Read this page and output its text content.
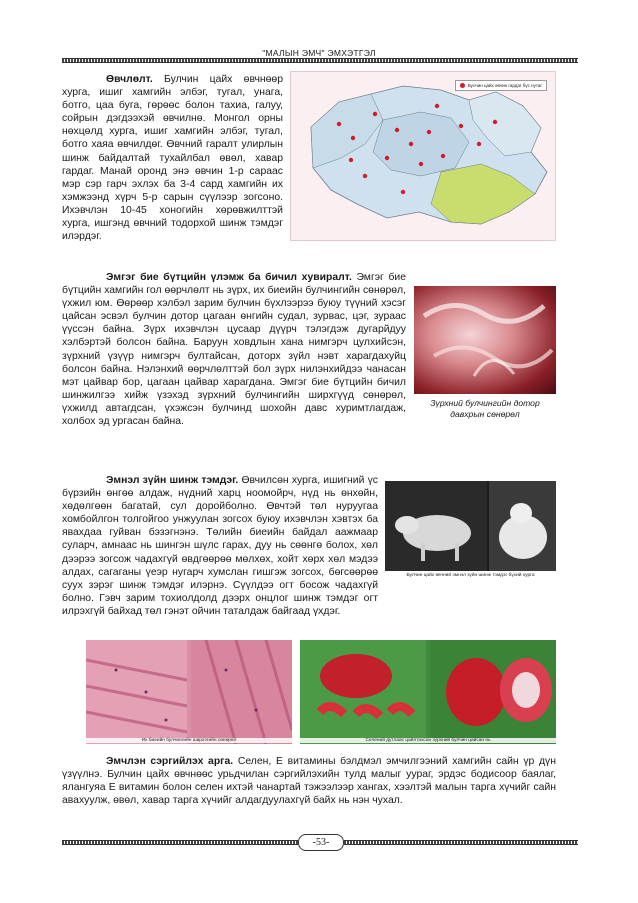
"МАЛЫН ЭМЧ" ЭМХЭТГЭЛ

Өвчлөлт. Булчин цайх өвчнөөр хурга, ишиг хамгийн элбэг, тугал, унага, ботго, цаа буга, гөрөөс болон тахиа, галуу, сойрын дэгдээхэй өвчилнө. Монгол орны нөхцөлд хурга, ишиг хамгийн элбэг, тугал, ботго хаяа өвчилдөг. Өвчний гаралт улирлын шинж байдалтай тухайлбал өвөл, хавар гардаг. Манай оронд энэ өвчин 1-р сараас мэр сэр гарч эхлэх ба 3-4 сард хамгийн их хэмжээнд хүрч 5-р сарын сүүлээр зогсоно. Ихэвчлэн 10-45 хоногийн хөрөвжилттэй хурга, ишгэнд өвчний тодорхой шинж тэмдэг илэрдэг.

Булчин цайх өвчин гардаг бүс нутаг

Эмгэг бие бүтцийн үлэмж ба бичил хувиралт. Эмгэг бие бүтцийн хамгийн гол өөрчлөлт нь зүрх, их биеийн булчингийн сөнөрөл, үхжил юм. Өөрөөр хэлбэл зарим булчин бүхлээрээ буюу түүний хэсэг цайсан эсвэл булчин дотор цагаан өнгийн судал, зурвас, цэг, зураас үүссэн байна. Зүрх ихэвчлэн цусаар дүүрч тэлэгдэж дугарйдуу хэлбэртэй болсон байна. Баруун ховдлын хана нимгэрч цулхийсэн, зүрхний үзүүр нимгэрч бултайсан, доторх зүйл нэвт харагдахуйц болсон байна. Нэлэнхий өөрчлөлттэй бол зүрх нилэнхийдээ чанасан мэт цайвар бор, цагаан цайвар харагдана. Эмгэг бие бүтцийн бичил шинжилгээ хийж үзэхэд зүрхний булчингийн ширхгүүд сөнөрөл, үхжилд автагдсан, үхэжсэн булчинд шохойн давс хуримтлагдаж, холбох эд ургасан байна.

Зүрхний булчингийн дотор давхрын сөнөрөл

Эмнэл зүйн шинж тэмдэг. Өвчилсөн хурга, ишигний үс бүрзийн өнгөө алдаж, нүдний харц ноомойрч, нүд нь өнхөйн, хөдөлгөөн багатай, сул доройболно. Өвчтэй төл нуруугаа хомбойлгон толгойгоо унжуулан зогсох буюу ихэвчлэн хэвтэх ба явахдаа гуйван бэзэгнэнэ. Төлийн биеийн байдал аажмаар суларч, амнаас нь шингэн шүлс гарах, дуу нь сөөнгө болох, хөл дээрээ зогсож чадахгүй өвдгөөрөө мөлхөх, хойт хөрх хөл мэдээ алдах, сагаганы үеэр нугарч хумслан гишгэж зогсох, бөгсөөрөө суух зэрэг шинж тэмдэг илэрнэ. Сүүлдээ огт босож чадахгүй болно. Гэвч зарим тохиолдолд дээрх онцлог шинж тэмдэг огт илрэхгүй байхад төл гэнэт ойчин таталдаж байгаад үхдэг.

Булчин цайх өвчний эмнэл зүйн шинж тэмдэг бүхий хурга
Их биеийн булчингийн ширхэгийн сөнөрөл	Селений дутлаас цайлтахсан зүрхний булчин цайсан нь

Эмчлэн сэргийлэх арга. Селен, Е витамины бэлдмэл эмчилгээний хамгийн сайн үр дүн үзүүлнэ. Булчин цайх өвчнөөс урьдчилан сэргийлэхийн тулд малыг уураг, эрдэс бодисоор баялаг, ялангуяа Е витамин болон селен ихтэй чанартай тэжээлээр хангах, хээлтэй малын тарга хүчийг сайн авахуулж, өвөл, хавар тарга хүчийг алдагдуулахгүй байх нь нэн чухал.

-53-
